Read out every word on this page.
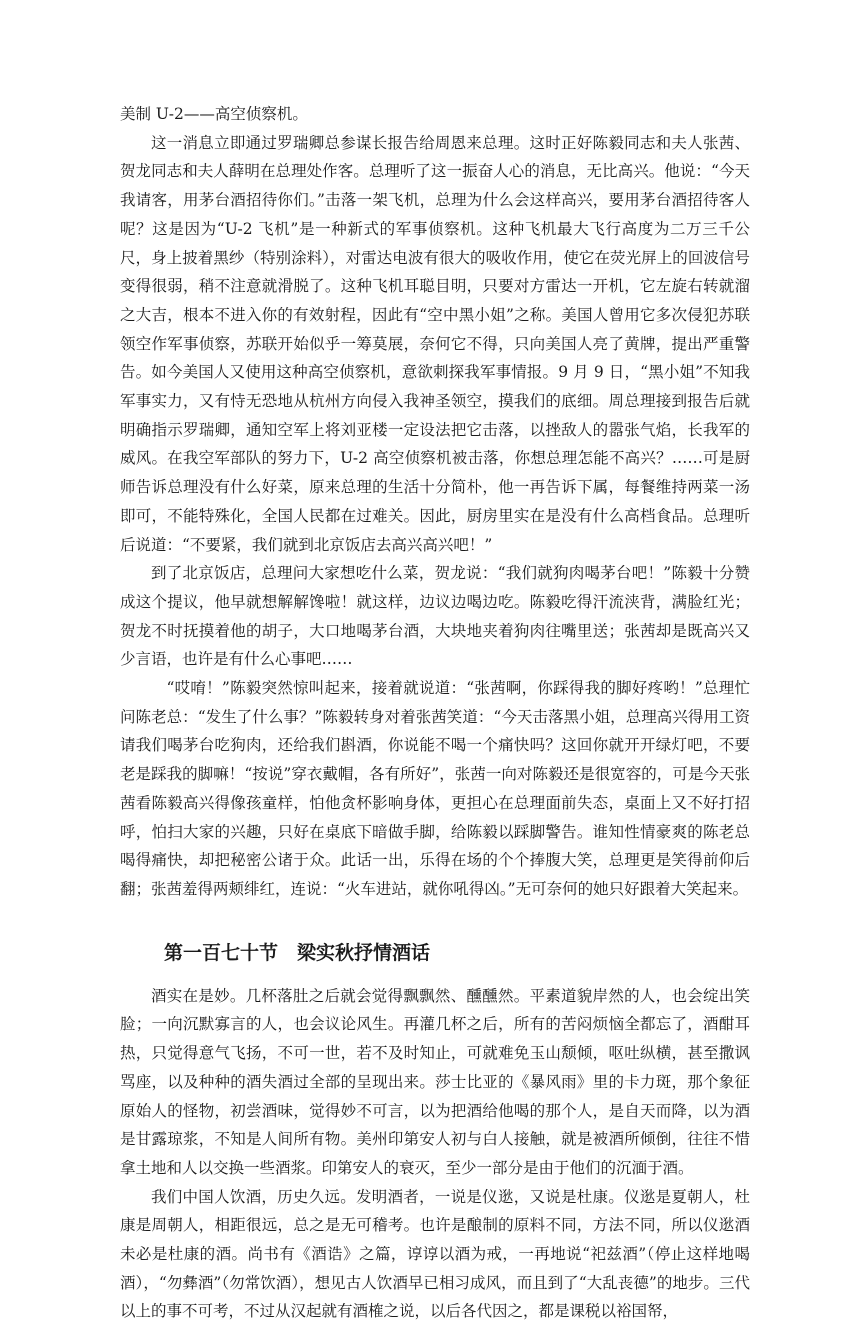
美制 U-2——高空侦察机。

这一消息立即通过罗瑞卿总参谋长报告给周恩来总理。这时正好陈毅同志和夫人张茜、贺龙同志和夫人薛明在总理处作客。总理听了这一振奋人心的消息，无比高兴。他说：“今天我请客，用茅台酒招待你们。”击落一架飞机，总理为什么会这样高兴，要用茅台酒招待客人呢？这是因为“U-2 飞机”是一种新式的军事侦察机。这种飞机最大飞行高度为二万三千公尺，身上披着黑纱（特别涂料），对雷达电波有很大的吸收作用，使它在荧光屏上的回波信号变得很弱，稍不注意就滑脱了。这种飞机耳聪目明，只要对方雷达一开机，它左旋右转就溜之大吉，根本不进入你的有效射程，因此有“空中黑小姐”之称。美国人曾用它多次侵犯苏联领空作军事侦察，苏联开始似乎一筹莫展，奈何它不得，只向美国人亮了黄牌，提出严重警告。如今美国人又使用这种高空侦察机，意欲刺探我军事情报。9 月 9 日，“黑小姐”不知我军事实力，又有恃无恐地从杭州方向侵入我神圣领空，摸我们的底细。周总理接到报告后就明确指示罗瑞卿，通知空军上将刘亚楼一定设法把它击落，以挫敌人的嚣张气焰，长我军的威风。在我空军部队的努力下，U-2 高空侦察机被击落，你想总理怎能不高兴？……可是厨师告诉总理没有什么好菜，原来总理的生活十分简朴，他一再告诉下属，每餐维持两菜一汤即可，不能特殊化，全国人民都在过难关。因此，厨房里实在是没有什么高档食品。总理听后说道：“不要紧，我们就到北京饭店去高兴高兴吧！”

到了北京饭店，总理问大家想吃什么菜，贺龙说：“我们就狗肉喝茅台吧！”陈毅十分赞成这个提议，他早就想解解馋啦！就这样，边议边喝边吃。陈毅吃得汗流浃背，满脸红光；贺龙不时抚摸着他的胡子，大口地喝茅台酒，大块地夹着狗肉往嘴里送；张茜却是既高兴又少言语，也许是有什么心事吧……

“哎唷！”陈毅突然惊叫起来，接着就说道：“张茜啊，你踩得我的脚好疼哟！”总理忙问陈老总：“发生了什么事？”陈毅转身对着张茜笑道：“今天击落黑小姐，总理高兴得用工资请我们喝茅台吃狗肉，还给我们斟酒，你说能不喝一个痛快吗？这回你就开开绿灯吧，不要老是踩我的脚嘛！“按说”穿衣戴帽，各有所好”，张茜一向对陈毅还是很宽容的，可是今天张茜看陈毅高兴得像孩童样，怕他贪杯影响身体，更担心在总理面前失态，桌面上又不好打招呼，怕扫大家的兴趣，只好在桌底下暗做手脚，给陈毅以踩脚警告。谁知性情豪爽的陈老总喝得痛快，却把秘密公诸于众。此话一出，乐得在场的个个捧腹大笑，总理更是笑得前仰后翻；张茜羞得两颊绯红，连说：“火车进站，就你吼得凶。”无可奈何的她只好跟着大笑起来。

第一百七十节　梁实秋抒情酒话

酒实在是妙。几杯落肚之后就会觉得飘飘然、醺醺然。平素道貌岸然的人，也会绽出笑脸；一向沉默寡言的人，也会议论风生。再灌几杯之后，所有的苦闷烦恼全都忘了，酒酣耳热，只觉得意气飞扬，不可一世，若不及时知止，可就难免玉山颓倾，呕吐纵横，甚至撒讽骂座，以及种种的酒失酒过全部的呈现出来。莎士比亚的《暴风雨》里的卡力斑，那个象征原始人的怪物，初尝酒味，觉得妙不可言，以为把酒给他喝的那个人，是自天而降，以为酒是甘露琼浆，不知是人间所有物。美州印第安人初与白人接触，就是被酒所倾倒，往往不惜拿土地和人以交换一些酒浆。印第安人的衰灭，至少一部分是由于他们的沉湎于酒。

我们中国人饮酒，历史久远。发明酒者，一说是仪逖，又说是杜康。仪逖是夏朝人，杜康是周朝人，相距很远，总之是无可稽考。也许是酿制的原料不同，方法不同，所以仪逖酒未必是杜康的酒。尚书有《酒诰》之篇，谆谆以酒为戒，一再地说“祀兹酒”（停止这样地喝酒），“勿彝酒”（勿常饮酒），想见古人饮酒早已相习成风，而且到了“大乱丧德”的地步。三代以上的事不可考，不过从汉起就有酒榷之说，以后各代因之，都是课税以裕国帑，
